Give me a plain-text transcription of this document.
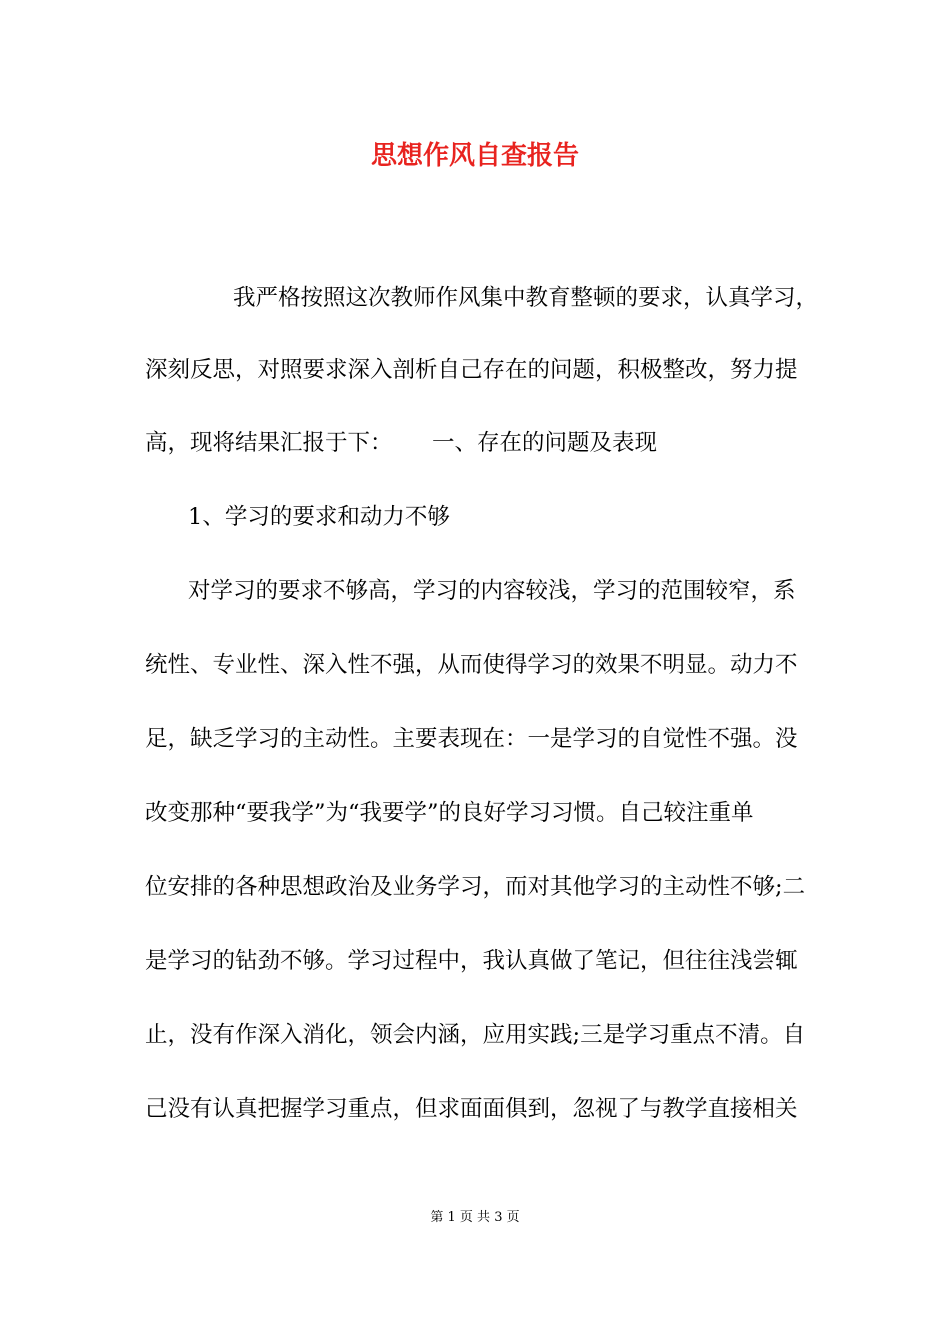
思想作风自查报告
我严格按照这次教师作风集中教育整顿的要求，认真学习，
深刻反思，对照要求深入剖析自己存在的问题，积极整改，努力提
高，现将结果汇报于下： 一、存在的问题及表现
1、学习的要求和动力不够
对学习的要求不够高，学习的内容较浅，学习的范围较窄，系
统性、专业性、深入性不强，从而使得学习的效果不明显。动力不
足，缺乏学习的主动性。主要表现在：一是学习的自觉性不强。没
改变那种“要我学”为“我要学”的良好学习习惯。自己较注重单
位安排的各种思想政治及业务学习，而对其他学习的主动性不够;二
是学习的钻劲不够。学习过程中，我认真做了笔记，但往往浅尝辄
止，没有作深入消化，领会内涵，应用实践;三是学习重点不清。自
己没有认真把握学习重点，但求面面俱到，忽视了与教学直接相关
第 1 页 共 3 页
